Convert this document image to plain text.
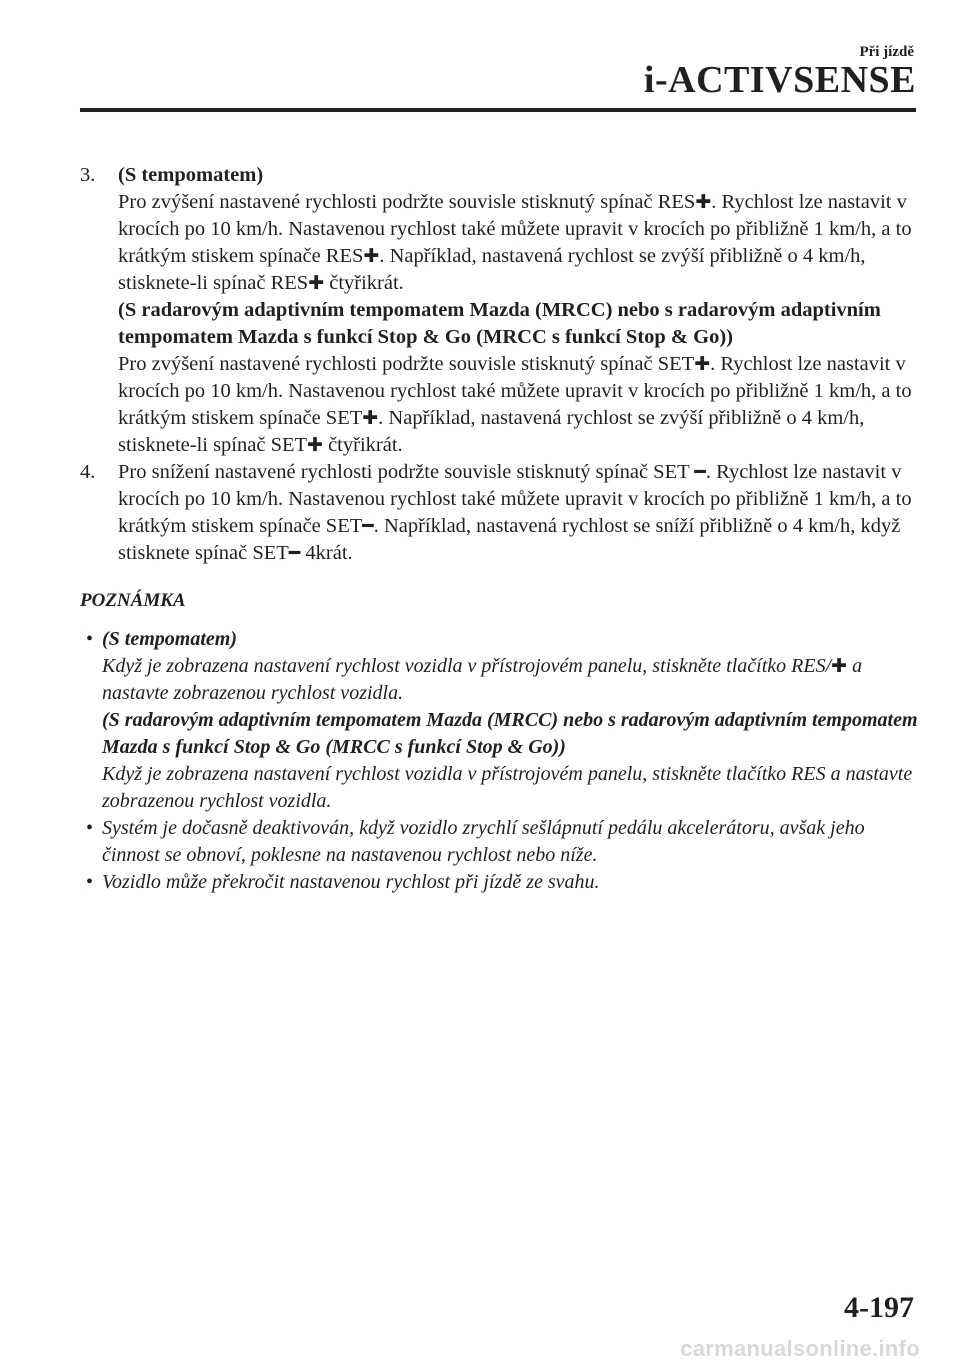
Při jízdě
i-ACTIVSENSE
3. (S tempomatem)
Pro zvýšení nastavené rychlosti podržte souvisle stisknutý spínač RES✚. Rychlost lze nastavit v krocích po 10 km/h. Nastavenou rychlost také můžete upravit v krocích po přibližně 1 km/h, a to krátkým stiskem spínače RES✚. Například, nastavená rychlost se zvýší přibližně o 4 km/h, stisknete-li spínač RES✚ čtyřikrát.
(S radarovým adaptivním tempomatem Mazda (MRCC) nebo s radarovým adaptivním tempomatem Mazda s funkcí Stop & Go (MRCC s funkcí Stop & Go))
Pro zvýšení nastavené rychlosti podržte souvisle stisknutý spínač SET✚. Rychlost lze nastavit v krocích po 10 km/h. Nastavenou rychlost také můžete upravit v krocích po přibližně 1 km/h, a to krátkým stiskem spínače SET✚. Například, nastavená rychlost se zvýší přibližně o 4 km/h, stisknete-li spínač SET✚ čtyřikrát.
4. Pro snížení nastavené rychlosti podržte souvisle stisknutý spínač SET ━. Rychlost lze nastavit v krocích po 10 km/h. Nastavenou rychlost také můžete upravit v krocích po přibližně 1 km/h, a to krátkým stiskem spínače SET━. Například, nastavená rychlost se sníží přibližně o 4 km/h, když stisknete spínač SET━ 4krát.
POZNÁMKA
• (S tempomatem)
Když je zobrazena nastavení rychlost vozidla v přístrojovém panelu, stiskněte tlačítko RES/✚ a nastavte zobrazenou rychlost vozidla.
(S radarovým adaptivním tempomatem Mazda (MRCC) nebo s radarovým adaptivním tempomatem Mazda s funkcí Stop & Go (MRCC s funkcí Stop & Go))
Když je zobrazena nastavení rychlost vozidla v přístrojovém panelu, stiskněte tlačítko RES a nastavte zobrazenou rychlost vozidla.
• Systém je dočasně deaktivován, když vozidlo zrychlí sešlápnutí pedálu akcelerátoru, avšak jeho činnost se obnoví, poklesne na nastavenou rychlost nebo níže.
• Vozidlo může překročit nastavenou rychlost při jízdě ze svahu.
4-197
carmanualsonline.info
